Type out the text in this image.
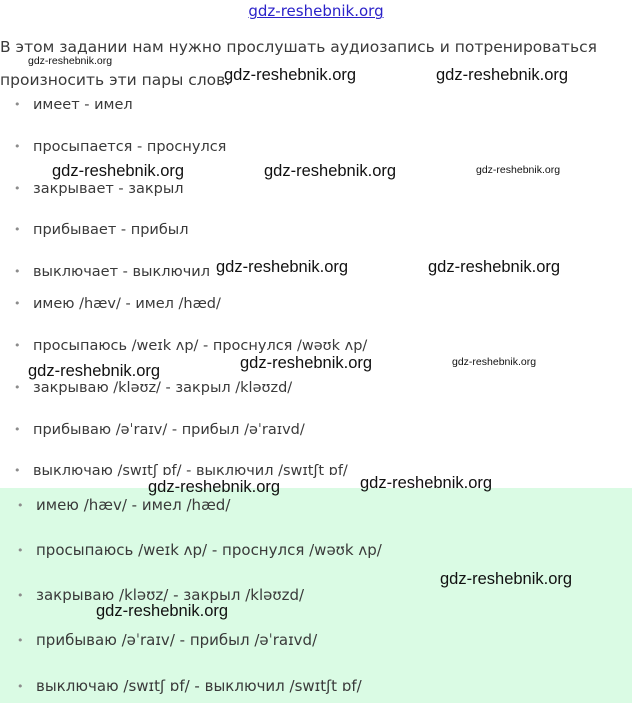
gdz-reshebnik.org
В этом задании нам нужно прослушать аудиозапись и потренироваться произносить эти пары слов.
• имеет - имел
• просыпается - проснулся
• закрывает - закрыл
• прибывает - прибыл
• выключает - выключил
• имею /hæv/ - имел /hæd/
• просыпаюсь /weɪk ʌp/ - проснулся /wəʊk ʌp/
• закрываю /kləʊz/ - закрыл /kləʊzd/
• прибываю /əˈraɪv/ - прибыл /əˈraɪvd/
• выключаю /swɪtʃ ɒf/ - выключил /swɪtʃt ɒf/
• имею /hæv/ - имел /hæd/
• просыпаюсь /weɪk ʌp/ - проснулся /wəʊk ʌp/
• закрываю /kləʊz/ - закрыл /kləʊzd/
• прибываю /əˈraɪv/ - прибыл /əˈraɪvd/
• выключаю /swɪtʃ ɒf/ - выключил /swɪtʃt ɒf/
gdz-reshebnik.org
gdz-reshebnik.org	gdz-reshebnik.org
gdz-reshebnik.org	gdz-reshebnik.org	gdz-reshebnik.org
gdz-reshebnik.org	gdz-reshebnik.org
gdz-reshebnik.org	gdz-reshebnik.org
gdz-reshebnik.org
gdz-reshebnik.org
gdz-reshebnik.org
gdz-reshebnik.org
gdz-reshebnik.org
